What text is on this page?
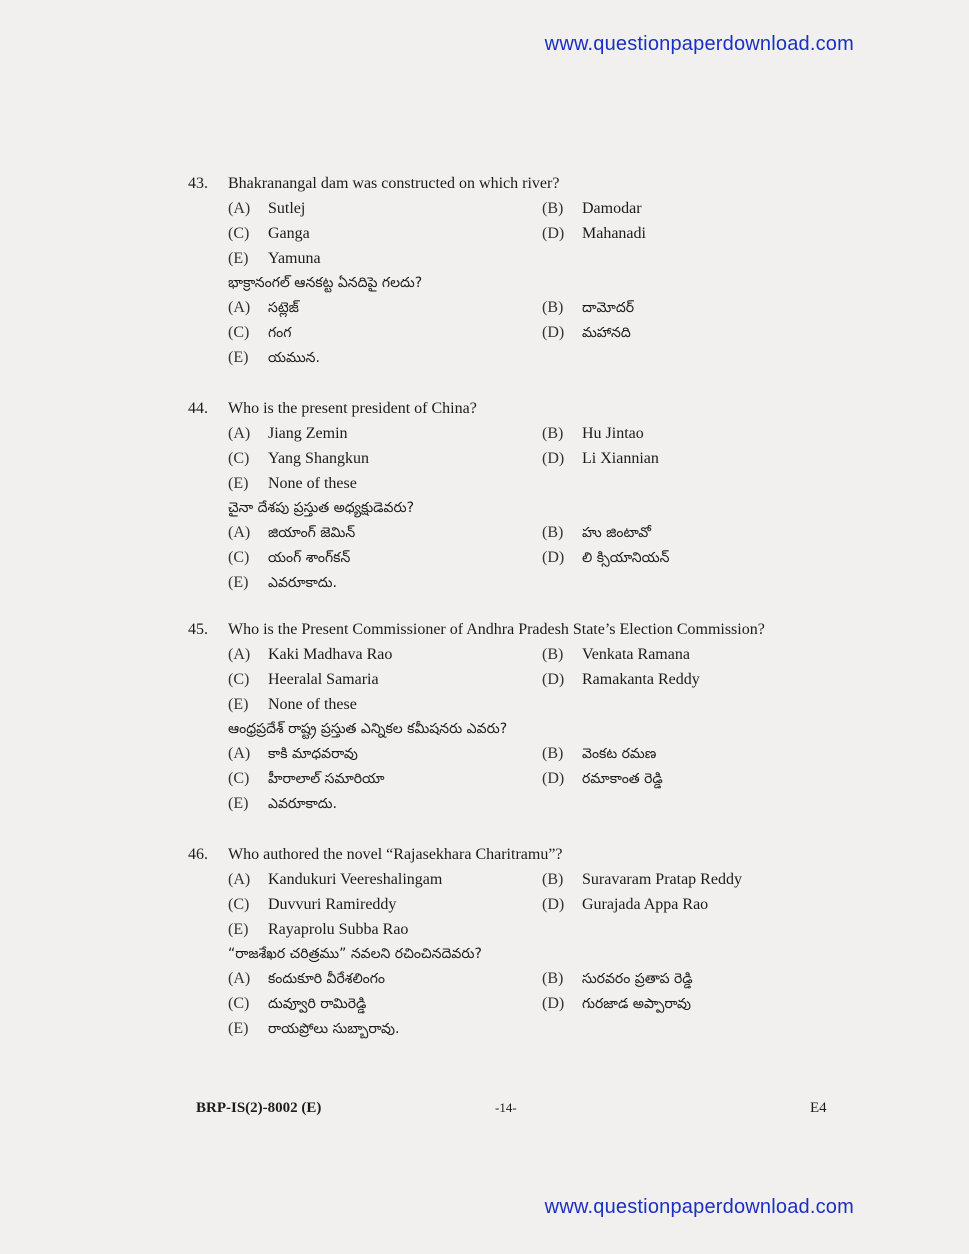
www.questionpaperdownload.com
43. Bhakranangal dam was constructed on which river?
(A) Sutlej	(B) Damodar
(C) Ganga	(D) Mahanadi
(E) Yamuna
భాక్రానంగల్ ఆనకట్ట ఏనదిపై గలదు?
(A) సట్లెజ్	(B) దామోదర్
(C) గంగ	(D) మహానది
(E) యమున.
44. Who is the present president of China?
(A) Jiang Zemin	(B) Hu Jintao
(C) Yang Shangkun	(D) Li Xiannian
(E) None of these
చైనా దేశపు ప్రస్తుత అధ్యక్షుడెవరు?
(A) జియాంగ్ జెమిన్	(B) హు జింటావో
(C) యంగ్ శాంగ్‌కన్	(D) లి క్సియానియన్
(E) ఎవరూకాదు.
45. Who is the Present Commissioner of Andhra Pradesh State’s Election Commission?
(A) Kaki Madhava Rao	(B) Venkata Ramana
(C) Heeralal Samaria	(D) Ramakanta Reddy
(E) None of these
ఆంధ్రప్రదేశ్ రాష్ట్ర ప్రస్తుత ఎన్నికల కమీషనరు ఎవరు?
(A) కాకి మాధవరావు	(B) వెంకట రమణ
(C) హీరాలాల్ సమారియా	(D) రమాకాంత రెడ్డి
(E) ఎవరూకాదు.
46. Who authored the novel “Rajasekhara Charitramu”?
(A) Kandukuri Veereshalingam	(B) Suravaram Pratap Reddy
(C) Duvvuri Ramireddy	(D) Gurajada Appa Rao
(E) Rayaprolu Subba Rao
“రాజశేఖర చరిత్రము” నవలని రచించినదెవరు?
(A) కందుకూరి వీరేశలింగం	(B) సురవరం ప్రతాప రెడ్డి
(C) దువ్వూరి రామిరెడ్డి	(D) గురజాడ అప్పారావు
(E) రాయప్రోలు సుబ్బారావు.
BRP-IS(2)-8002 (E)	-14-	E4
www.questionpaperdownload.com
